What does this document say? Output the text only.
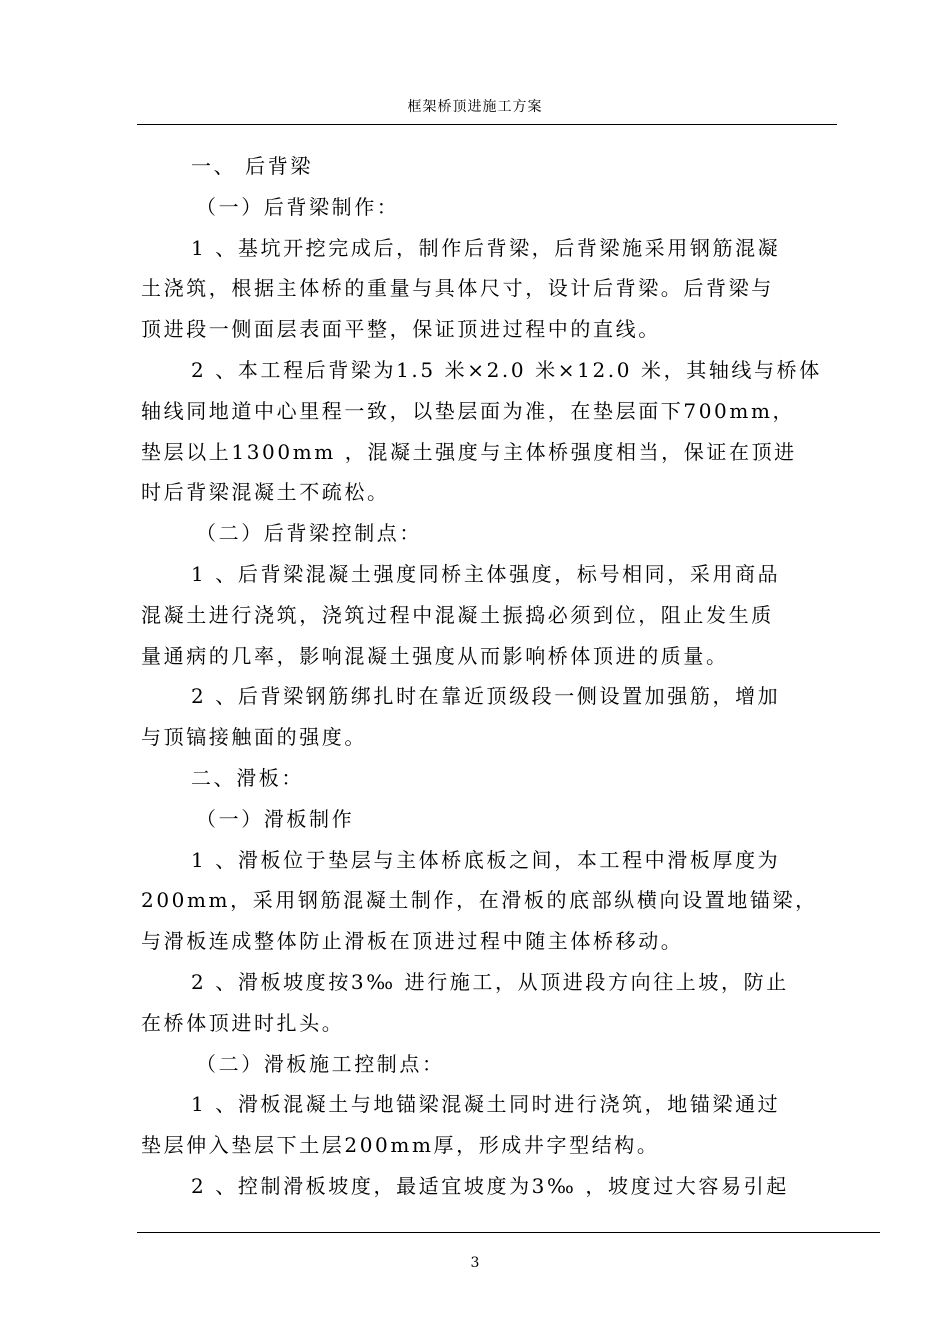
框架桥顶进施工方案

一、 后背梁

（一）后背梁制作：

1 、基坑开挖完成后，制作后背梁，后背梁施采用钢筋混凝

土浇筑，根据主体桥的重量与具体尺寸，设计后背梁。后背梁与

顶进段一侧面层表面平整，保证顶进过程中的直线。

2 、本工程后背梁为1.5 米×2.0 米×12.0 米，其轴线与桥体

轴线同地道中心里程一致，以垫层面为准，在垫层面下700mm，

垫层以上1300mm ，混凝土强度与主体桥强度相当，保证在顶进

时后背梁混凝土不疏松。

（二）后背梁控制点：

1 、后背梁混凝土强度同桥主体强度，标号相同，采用商品

混凝土进行浇筑，浇筑过程中混凝土振捣必须到位，阻止发生质

量通病的几率，影响混凝土强度从而影响桥体顶进的质量。

2 、后背梁钢筋绑扎时在靠近顶级段一侧设置加强筋，增加

与顶镐接触面的强度。

二、滑板：

（一）滑板制作

1 、滑板位于垫层与主体桥底板之间，本工程中滑板厚度为

200mm，采用钢筋混凝土制作，在滑板的底部纵横向设置地锚梁，

与滑板连成整体防止滑板在顶进过程中随主体桥移动。

2 、滑板坡度按3‰ 进行施工，从顶进段方向往上坡，防止

在桥体顶进时扎头。

（二）滑板施工控制点：

1 、滑板混凝土与地锚梁混凝土同时进行浇筑，地锚梁通过

垫层伸入垫层下土层200mm厚，形成井字型结构。

2 、控制滑板坡度，最适宜坡度为3‰ ，坡度过大容易引起

3
